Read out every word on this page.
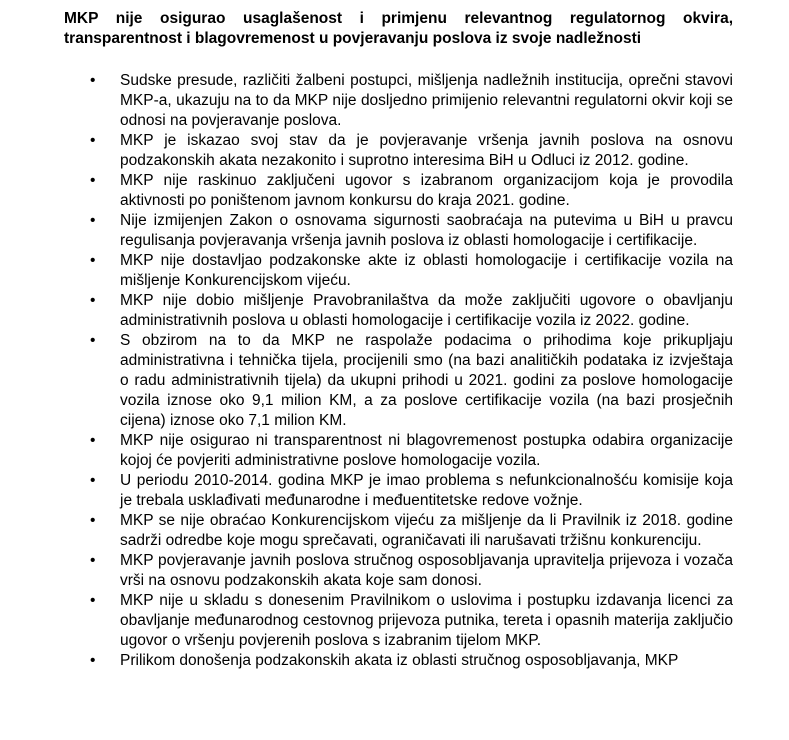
MKP nije osigurao usaglašenost i primjenu relevantnog regulatornog okvira, transparentnost i blagovremenost u povjeravanju poslova iz svoje nadležnosti
• Sudske presude, različiti žalbeni postupci, mišljenja nadležnih institucija, oprečni stavovi MKP-a, ukazuju na to da MKP nije dosljedno primijenio relevantni regulatorni okvir koji se odnosi na povjeravanje poslova.
• MKP je iskazao svoj stav da je povjeravanje vršenja javnih poslova na osnovu podzakonskih akata nezakonito i suprotno interesima BiH u Odluci iz 2012. godine.
• MKP nije raskinuo zaključeni ugovor s izabranom organizacijom koja je provodila aktivnosti po poništenom javnom konkursu do kraja 2021. godine.
• Nije izmijenjen Zakon o osnovama sigurnosti saobraćaja na putevima u BiH u pravcu regulisanja povjeravanja vršenja javnih poslova iz oblasti homologacije i certifikacije.
• MKP nije dostavljao podzakonske akte iz oblasti homologacije i certifikacije vozila na mišljenje Konkurencijskom vijeću.
• MKP nije dobio mišljenje Pravobranilaštva da može zaključiti ugovore o obavljanju administrativnih poslova u oblasti homologacije i certifikacije vozila iz 2022. godine.
• S obzirom na to da MKP ne raspolaže podacima o prihodima koje prikupljaju administrativna i tehnička tijela, procijenili smo (na bazi analitičkih podataka iz izvještaja o radu administrativnih tijela) da ukupni prihodi u 2021. godini za poslove homologacije vozila iznose oko 9,1 milion KM, a za poslove certifikacije vozila (na bazi prosječnih cijena) iznose oko 7,1 milion KM.
• MKP nije osigurao ni transparentnost ni blagovremenost postupka odabira organizacije kojoj će povjeriti administrativne poslove homologacije vozila.
• U periodu 2010-2014. godina MKP je imao problema s nefunkcionalnošću komisije koja je trebala usklađivati međunarodne i međuentitetske redove vožnje.
• MKP se nije obraćao Konkurencijskom vijeću za mišljenje da li Pravilnik iz 2018. godine sadrži odredbe koje mogu sprečavati, ograničavati ili narušavati tržišnu konkurenciju.
• MKP povjeravanje javnih poslova stručnog osposobljavanja upravitelja prijevoza i vozača vrši na osnovu podzakonskih akata koje sam donosi.
• MKP nije u skladu s donesenim Pravilnikom o uslovima i postupku izdavanja licenci za obavljanje međunarodnog cestovnog prijevoza putnika, tereta i opasnih materija zaključio ugovor o vršenju povjerenih poslova s izabranim tijelom MKP.
• Prilikom donošenja podzakonskih akata iz oblasti stručnog osposobljavanja, MKP
